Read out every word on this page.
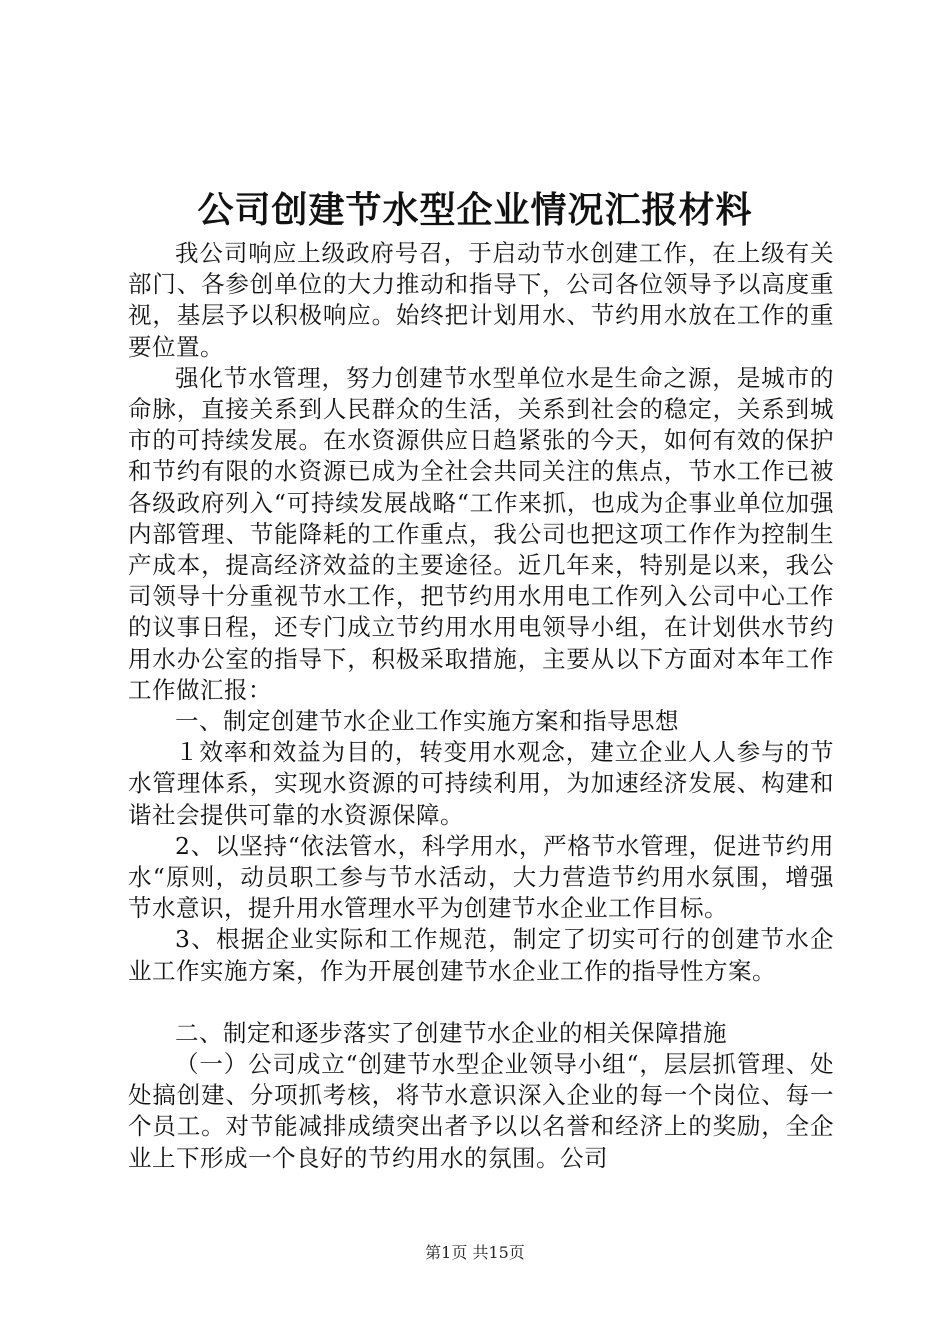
公司创建节水型企业情况汇报材料

我公司响应上级政府号召，于启动节水创建工作，在上级有关部门、各参创单位的大力推动和指导下，公司各位领导予以高度重视，基层予以积极响应。始终把计划用水、节约用水放在工作的重要位置。

强化节水管理，努力创建节水型单位水是生命之源，是城市的命脉，直接关系到人民群众的生活，关系到社会的稳定，关系到城市的可持续发展。在水资源供应日趋紧张的今天，如何有效的保护和节约有限的水资源已成为全社会共同关注的焦点，节水工作已被各级政府列入“可持续发展战略“工作来抓，也成为企事业单位加强内部管理、节能降耗的工作重点，我公司也把这项工作作为控制生产成本，提高经济效益的主要途径。近几年来，特别是以来，我公司领导十分重视节水工作，把节约用水用电工作列入公司中心工作的议事日程，还专门成立节约用水用电领导小组，在计划供水节约用水办公室的指导下，积极采取措施，主要从以下方面对本年工作工作做汇报：

一、制定创建节水企业工作实施方案和指导思想

１效率和效益为目的，转变用水观念，建立企业人人参与的节水管理体系，实现水资源的可持续利用，为加速经济发展、构建和谐社会提供可靠的水资源保障。

2、以坚持“依法管水，科学用水，严格节水管理，促进节约用水“原则，动员职工参与节水活动，大力营造节约用水氛围，增强节水意识，提升用水管理水平为创建节水企业工作目标。

3、根据企业实际和工作规范，制定了切实可行的创建节水企业工作实施方案，作为开展创建节水企业工作的指导性方案。

二、制定和逐步落实了创建节水企业的相关保障措施

（一）公司成立“创建节水型企业领导小组“，层层抓管理、处处搞创建、分项抓考核，将节水意识深入企业的每一个岗位、每一个员工。对节能减排成绩突出者予以以名誉和经济上的奖励，全企业上下形成一个良好的节约用水的氛围。公司

第1页 共15页
